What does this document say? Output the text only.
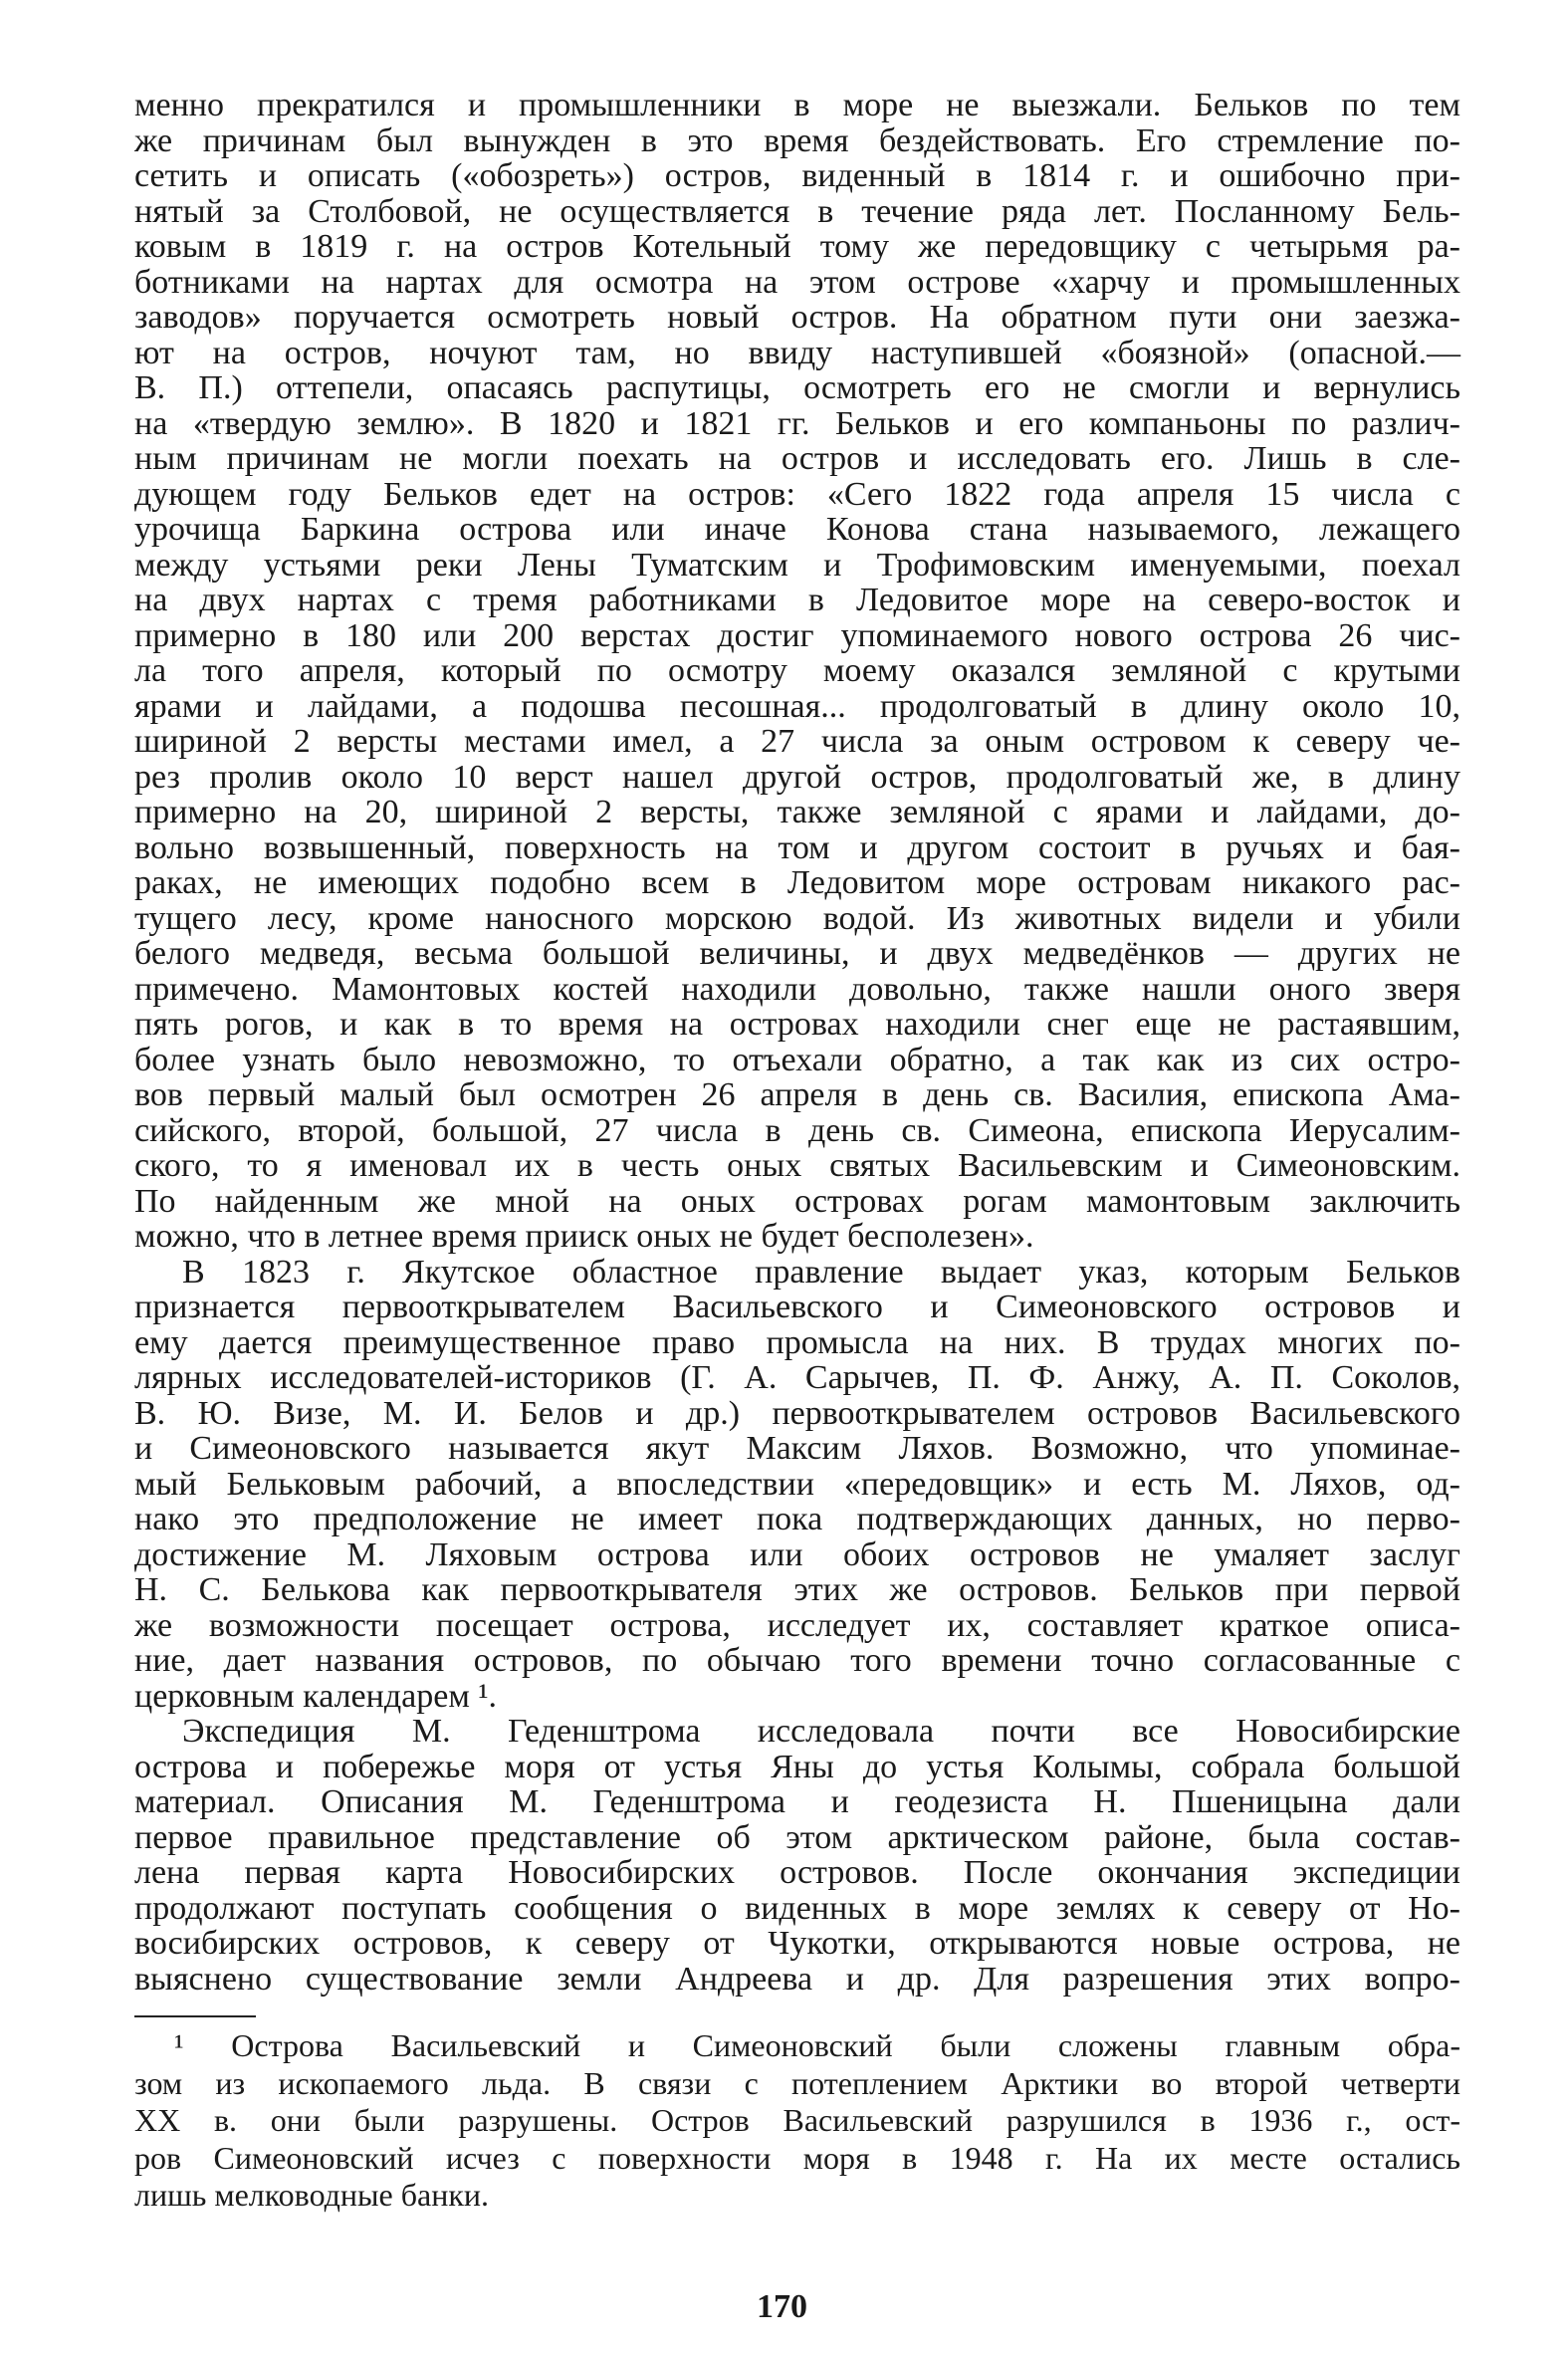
менно прекратился и промышленники в море не выезжали. Бельков по тем
же причинам был вынужден в это время бездействовать. Его стремление по-
сетить и описать («обозреть») остров, виденный в 1814 г. и ошибочно при-
нятый за Столбовой, не осуществляется в течение ряда лет. Посланному Бель-
ковым в 1819 г. на остров Котельный тому же передовщику с четырьмя ра-
ботниками на нартах для осмотра на этом острове «харчу и промышленных
заводов» поручается осмотреть новый остров. На обратном пути они заезжа-
ют на остров, ночуют там, но ввиду наступившей «боязной» (опасной.—
В. П.) оттепели, опасаясь распутицы, осмотреть его не смогли и вернулись
на «твердую землю». В 1820 и 1821 гг. Бельков и его компаньоны по различ-
ным причинам не могли поехать на остров и исследовать его. Лишь в сле-
дующем году Бельков едет на остров: «Сего 1822 года апреля 15 числа с
урочища Баркина острова или иначе Конова стана называемого, лежащего
между устьями реки Лены Туматским и Трофимовским именуемыми, поехал
на двух нартах с тремя работниками в Ледовитое море на северо-восток и
примерно в 180 или 200 верстах достиг упоминаемого нового острова 26 чис-
ла того апреля, который по осмотру моему оказался земляной с крутыми
ярами и лайдами, а подошва песошная... продолговатый в длину около 10,
шириной 2 версты местами имел, а 27 числа за оным островом к северу че-
рез пролив около 10 верст нашел другой остров, продолговатый же, в длину
примерно на 20, шириной 2 версты, также земляной с ярами и лайдами, до-
вольно возвышенный, поверхность на том и другом состоит в ручьях и бая-
раках, не имеющих подобно всем в Ледовитом море островам никакого рас-
тущего лесу, кроме наносного морскою водой. Из животных видели и убили
белого медведя, весьма большой величины, и двух медведёнков — других не
примечено. Мамонтовых костей находили довольно, также нашли оного зверя
пять рогов, и как в то время на островах находили снег еще не растаявшим,
более узнать было невозможно, то отъехали обратно, а так как из сих остро-
вов первый малый был осмотрен 26 апреля в день св. Василия, епископа Ама-
сийского, второй, большой, 27 числа в день св. Симеона, епископа Иерусалим-
ского, то я именовал их в честь оных святых Васильевским и Симеоновским.
По найденным же мной на оных островах рогам мамонтовым заключить
можно, что в летнее время прииск оных не будет бесполезен».
В 1823 г. Якутское областное правление выдает указ, которым Бельков
признается первооткрывателем Васильевского и Симеоновского островов и
ему дается преимущественное право промысла на них. В трудах многих по-
лярных исследователей-историков (Г. А. Сарычев, П. Ф. Анжу, А. П. Соколов,
В. Ю. Визе, М. И. Белов и др.) первооткрывателем островов Васильевского
и Симеоновского называется якут Максим Ляхов. Возможно, что упоминае-
мый Бельковым рабочий, а впоследствии «передовщик» и есть М. Ляхов, од-
нако это предположение не имеет пока подтверждающих данных, но перво-
достижение М. Ляховым острова или обоих островов не умаляет заслуг
Н. С. Белькова как первооткрывателя этих же островов. Бельков при первой
же возможности посещает острова, исследует их, составляет краткое описа-
ние, дает названия островов, по обычаю того времени точно согласованные с
церковным календарем ¹.
Экспедиция М. Геденштрома исследовала почти все Новосибирские
острова и побережье моря от устья Яны до устья Колымы, собрала большой
материал. Описания М. Геденштрома и геодезиста Н. Пшеницына дали
первое правильное представление об этом арктическом районе, была состав-
лена первая карта Новосибирских островов. После окончания экспедиции
продолжают поступать сообщения о виденных в море землях к северу от Но-
восибирских островов, к северу от Чукотки, открываются новые острова, не
выяснено существование земли Андреева и др. Для разрешения этих вопро-
¹ Острова Васильевский и Симеоновский были сложены главным обра-
зом из ископаемого льда. В связи с потеплением Арктики во второй четверти
XX в. они были разрушены. Остров Васильевский разрушился в 1936 г., ост-
ров Симеоновский исчез с поверхности моря в 1948 г. На их месте остались
лишь мелководные банки.
170
